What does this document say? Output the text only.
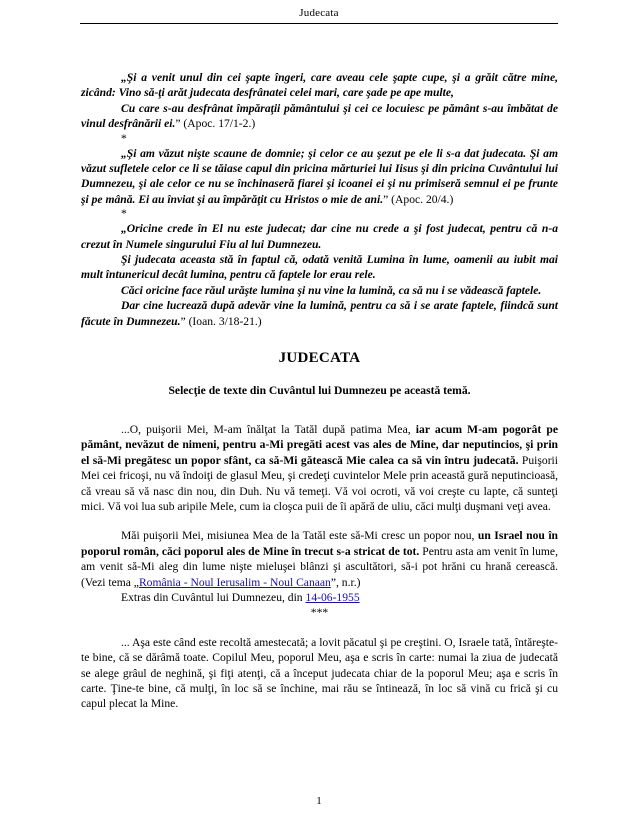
Judecata

„Şi a venit unul din cei şapte îngeri, care aveau cele şapte cupe, şi a grăit către mine, zicând: Vino să-ţi arăt judecata desfrânatei celei mari, care şade pe ape multe,

Cu care s-au desfrânat împăraţii pământului şi cei ce locuiesc pe pământ s-au îmbătat de vinul desfrânării ei.” (Apoc. 17/1-2.)

*

„Şi am văzut nişte scaune de domnie; şi celor ce au şezut pe ele li s-a dat judecata. Şi am văzut sufletele celor ce li se tăiase capul din pricina mărturiei lui Iisus şi din pricina Cuvântului lui Dumnezeu, şi ale celor ce nu se închinaseră fiarei şi icoanei ei şi nu primiseră semnul ei pe frunte şi pe mână. Ei au înviat şi au împărăţit cu Hristos o mie de ani.” (Apoc. 20/4.)

*

„Oricine crede în El nu este judecat; dar cine nu crede a şi fost judecat, pentru că n-a crezut în Numele singurului Fiu al lui Dumnezeu.

Şi judecata aceasta stă în faptul că, odată venită Lumina în lume, oamenii au iubit mai mult întunericul decât lumina, pentru că faptele lor erau rele.

Căci oricine face răul urăşte lumina şi nu vine la lumină, ca să nu i se vădească faptele.

Dar cine lucrează după adevăr vine la lumină, pentru ca să i se arate faptele, fiindcă sunt făcute în Dumnezeu.” (Ioan. 3/18-21.)

JUDECATA

Selecţie de texte din Cuvântul lui Dumnezeu pe această temă.

...O, puişorii Mei, M-am înălţat la Tatăl după patima Mea, iar acum M-am pogorât pe pământ, nevăzut de nimeni, pentru a-Mi pregăti acest vas ales de Mine, dar neputincios, şi prin el să-Mi pregătesc un popor sfânt, ca să-Mi gătească Mie calea ca să vin întru judecată. Puişorii Mei cei fricoşi, nu vă îndoiţi de glasul Meu, şi credeţi cuvintelor Mele prin această gură neputincioasă, că vreau să vă nasc din nou, din Duh. Nu vă temeţi. Vă voi ocroti, vă voi creşte cu lapte, că sunteţi mici. Vă voi lua sub aripile Mele, cum ia cloşca puii de îi apără de uliu, căci mulţi duşmani veţi avea.

Măi puişorii Mei, misiunea Mea de la Tatăl este să-Mi cresc un popor nou, un Israel nou în poporul român, căci poporul ales de Mine în trecut s-a stricat de tot. Pentru asta am venit în lume, am venit să-Mi aleg din lume nişte mieluşei blânzi şi ascultători, să-i pot hrăni cu hrană cerească. (Vezi tema „România - Noul Ierusalim - Noul Canaan”, n.r.)

Extras din Cuvântul lui Dumnezeu, din 14-06-1955

***

... Aşa este când este recoltă amestecată; a lovit păcatul şi pe creştini. O, Israele tată, întăreşte-te bine, că se dărâmă toate. Copilul Meu, poporul Meu, aşa e scris în carte: numai la ziua de judecată se alege grâul de neghină, şi fiţi atenţi, că a început judecata chiar de la poporul Meu; aşa e scris în carte. Ţine-te bine, că mulţi, în loc să se închine, mai rău se întinează, în loc să vină cu frică şi cu capul plecat la Mine.

1
